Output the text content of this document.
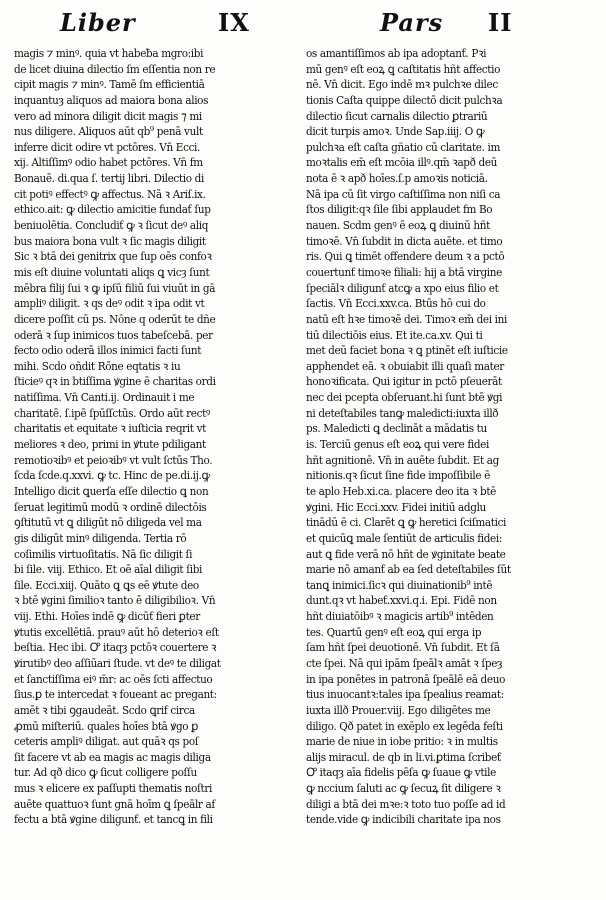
Liber	IX	Pars II
magis ⁊ minꝰ. quia vt habeƀa mgro:ibi
de licet diuina dilectio ſm eſſentia non re
cipit magis ⁊ minꝰ. Tamē ſm efficientiā
inquantuȝ aliquos ad maiora bona alios
vero ad minora diligit dicit magis ⁊ mi
nus diligere. Aliquos aūt qb⁹ penā vult
inferre dicit odire vt pctōres. Vn̄ Ecci.
xij. Altiſſimꝰ odio habet pctōres. Vn̄ fm
Bonauē. di.qua ſ. tertij libri. Dilectio di
cit potiꝰ effectꝰ ꝙ affectus. Nā ꝛ Ariſ.ix.
ethico.ait: ꝙ dilectio amicitie fundaƭ ſup
beniuolētia. Concludiƭ ꝙ ꝛ ſicut deꝰ aliq
bus maiora bona vult ꝛ ſic magis diligit
Sic ꝛ btā dei genitrix que ſup oēs confoꝛ
mis eſt diuine voluntati aliqs ꝗ vicȝ ſunt
mēbra filij ſui ꝛ ꝙ ipſū filiū ſui viuūt in gā
ampliꝰ diligit. ꝛ qs deꝰ odit ꝛ ipa odit vt
dicere poſſit cū ps. Nōne q oderūt te dñe
oderā ꝛ ſup inimicos tuos tabeſcebā. per
fecto odio oderā illos inimici facti ſunt
mihi. Scdo oñdit Rōne eqtatis ꝛ iu
ſticieꝰ qꝛ in btiſſima ꝟgine ē charitas ordi
natiſſima. Vn̄ Canti.ij. Ordinauit i me
charitatē. ſ.ipē ſpūſſctūs. Ordo aūt rectꝰ
charitatis et equitate ꝛ iuſticia reqrit vt
meliores ꝛ deo, primi in ꝟtute pdiligant
remotioꝛibꝰ et peioꝛibꝰ vt vult ſctūs Tho.
ſcda ſcde.q.xxvi. ꝙ tc. Hinc de pe.di.ij.ꝙ
Intelligo dicit ꝗuerſa eſſe dilectio ꝗ non
ſeruat legitimū modū ꝛ ordinē dilectōis
ꝯſtitutū vt ꝗ diligūt nō diligeda vel ma
gis diligūt minꝰ diligenda. Tertia rō
coſimilis virtuoſitatis. Nā ſic diligit ſi
bi ſile. viij. Ethico. Et oē aīal diligit ſibi
ſile. Ecci.xiij. Quāto ꝗ ꝗs eē ꝟtute deo
ꝛ btē ꝟgini ſimilioꝛ tanto ē diligibilioꝛ. Vn̄
viij. Ethi. Hoīes indē ꝙ dicūƭ fieri ꝑter
ꝟtutis excellētiā. prauꝰ aūt hō deterioꝛ eſt
beſtia. Hec ibi. Ꝍ itaqȝ pctōꝛ couertere ꝛ
ꝟirutibꝰ deo aſſiūari ſtude. vt deꝰ te diligat
et ſanctiſſima eiꝰ m̄r: ac oēs ſcti affectuo
ſius.ꝑ te intercedat ꝛ foueant ac pregant:
amēt ꝛ tibi ꝯgaudeāt. Scdo ꝗrif circa
ꝓmū miſteriū. quales hoīes btā ꝟgo ꝑ
ceteris ampliꝰ diligat. aut quāꝛ qs poſ
ſit facere vt ab ea magis ac magis diliga
tur. Ad qð dico ꝙ ſicut colligere poſſu
mus ꝛ elicere ex paſſupti thematis noſtri
auēte quattuoꝛ ſunt gnā hoīm ꝗ ſpeālr af
fectu a btā ꝟgine diligunƭ. et tancꝗ in fili
os amantiſſimos ab ipa adoptanƭ. Pꝛi
mū genꝰ eſt eoꝝ ꝗ caſtitatis hñt affectio
nē. Vn̄ dicit. Ego indē mꝛ pulchꝛe dilec
tionis Caſta quippe dilectō dicit pulchꝛa
dilectio ſicut carnalis dilectio ꝑtrariū
dicit turpis amoꝛ. Unde Sap.iiij. O ꝙ
pulchꝛa eſt caſta gñatio cū claritate. im
moꝛtalis em̄ eſt mcōia illꝰ.qm̄ ꝛapð deū
nota ē ꝛ apð hoīes.ſ.p amoꝛis noticiā.
Nā ipa cū ſit virgo caſtiſſima non niſi ca
ſtos diligit:qꝛ ſile ſibi applaudet fm Bo
nauen. Scdm genꝰ ē eoꝝ ꝗ diuinū hñt
timoꝛē. Vn̄ ſubdit in dicta auēte. et timo
ris. Qui ꝗ timēt offendere deum ꝛ a pctō
couertunƭ timoꝛe filiali: hij a btā virgine
ſpeciālꝛ diligunƭ atcꝙ a xpo eius filio et
ſactis. Vn̄ Ecci.xxv.ca. Btūs hō cui do
natū eſt hꝛe timoꝛē dei. Timoꝛ em̄ dei ini
tiū dilectiōis eius. Et ite.ca.xv. Qui ti
met deū faciet bona ꝛ ꝗ ptinēt eſt iuſticie
apphendet eā. ꝛ obuiabit illi quaſi mater
honoꝛificata. Qui igitur in pctō pſeuerāt
nec dei pcepta obſeruant.hi ſunt btē ꝟgi
ni deteſtabiles tanꝙ maledicti:iuxta illð
ps. Maledicti ꝗ declināt a mādatis tu
is. Terciū genus eſt eoꝝ qui vere fidei
hñt agnitionē. Vn̄ in auēte ſubdit. Et ag
nitionis.qꝛ ſicut ſine fide impoſſibile ē
te aplo Heb.xi.ca. placere deo ita ꝛ btē
ꝟgini. Hic Ecci.xxv. Fidei initiū adglu
tinādū ē ci. Clarēt ꝗ ꝙ heretici ſciſmatici
et quicūꝗ male ſentiūt de articulis fidei:
aut ꝗ fide verā nō hñt de ꝟginitate beate
marie nō amanƭ ab ea ſed deteſtabiles ſūt
tanꝗ inimici.ſicꝛ qui diuinationib⁹ intē
dunt.qꝛ vt habeƭ.xxvi.q.i. Epi. Fidē non
hñt diuiatōibꝰ ꝛ magicis artib⁹ intēden
tes. Quartū genꝰ eſt eoꝝ qui erga ip
ſam hñt ſpei deuotionē. Vn̄ ſubdit. Et ſā
cte ſpei. Nā qui ipām ſpeālꝛ amāt ꝛ ſpeȝ
in ipa ponētes in patronā ſpeālē eā deuo
tius inuocantꝛ:tales ipa ſpealius reamat:
iuxta illð Prouer.viij. Ego diligētes me
diligo. Qð patet in exēplo ex legēda feſti
marie de niue in iobe pritio: ꝛ in multis
alijs miracul. de qb in li.vi.ꝑtima ſcribeƭ
Ꝍ itaqȝ aīa fidelis pēſa ꝙ ſuaue ꝙ vtile
ꝙ nccium ſaluti ac ꝙ ſecuꝝ ſit diligere ꝛ
diligi a btā dei mꝛe:ꝛ toto tuo poſſe ad id
tende.vide ꝙ indicibili charitate ipa nos
